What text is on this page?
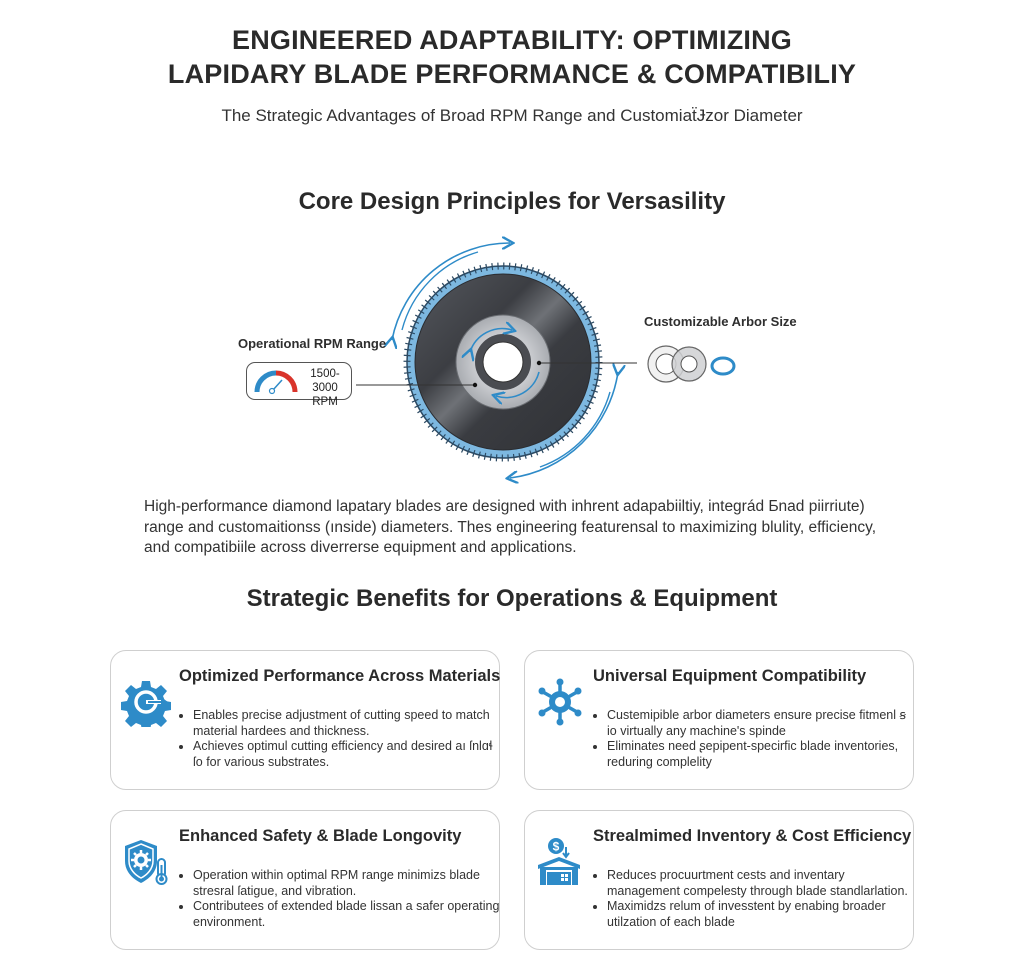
ENGINEERED ADAPTABILITY: OPTIMIZING
LAPIDARY BLADE PERFORMANCE & COMPATIBILIY
The Strategic Advantages of Broad RPM Range and CustomiaẗɈzor Diameter
Core Design Principles for Versasility
Operational RPM Range
Customizable Arbor Size
1500-3000
RPM
High-performance diamond lapatary blades are designed with inhrent adapabiiltiy, integrád Ƃnad piirriute) range and customaitionss (ınside) diameters. Thes engineering featurensal to maximizing blulity, efficiency, and compatibiile across diverrerse equipment and applications.
Strategic Benefits for Operations & Equipment
Optimized Performance Across Materials
• Enables precise adjustment of cutting speed to match material hardees and thickness.
• Achieves optimul cutting efficiency and desired aı ſnlɑɬ ſo for various substrates.
Universal Equipment Compatibility
• Custemiрible arbor diameters ensure precise fitmenl ꞩ io virtually any machine's spinde
• Eliminates need ʂepipent-specirfic blade inventories, reduring complelity
Enhanced Safety & Blade Longovity
• Operation within optimal RPM range minimizs blade stresral ſatigue, and vibration.
• Contributees of extended blade lissan a safer operating environment.
$
Strealmimed Inventory & Cost Efficiency
• Reduces procuurtment cests and inventary management compelesty through blade standlarlation.
• Maximidzs relum of invesstent by enabing broader utilzation of each blade
